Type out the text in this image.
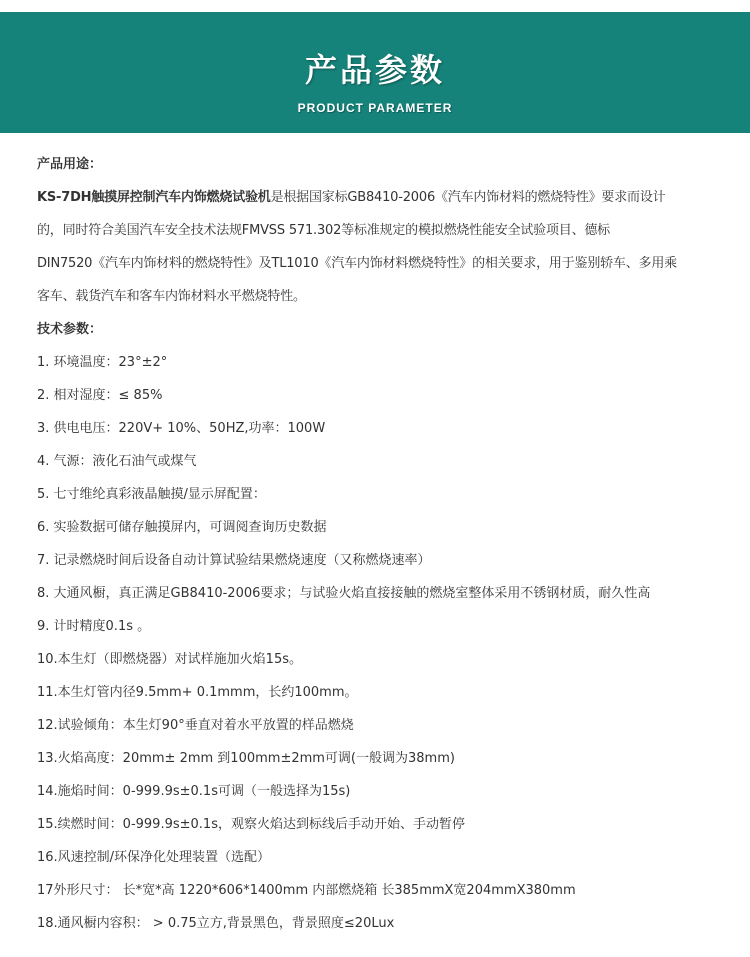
产品参数
PRODUCT PARAMETER
产品用途：
KS-7DH触摸屏控制汽车内饰燃烧试验机是根据国家标GB8410-2006《汽车内饰材料的燃烧特性》要求而设计
的，同时符合美国汽车安全技术法规FMVSS 571.302等标准规定的模拟燃烧性能安全试验项目、德标
DIN7520《汽车内饰材料的燃烧特性》及TL1010《汽车内饰材料燃烧特性》的相关要求，用于鉴别轿车、多用乘
客车、载货汽车和客车内饰材料水平燃烧特性。
技术参数：
1. 环境温度：23°±2°
2. 相对湿度：≤ 85%
3. 供电电压：220V+ 10%、50HZ,功率：100W
4. 气源：液化石油气或煤气
5. 七寸维纶真彩液晶触摸/显示屏配置：
6. 实验数据可储存触摸屏内，可调阅查询历史数据
7. 记录燃烧时间后设备自动计算试验结果燃烧速度（又称燃烧速率）
8. 大通风橱，真正满足GB8410-2006要求；与试验火焰直接接触的燃烧室整体采用不锈钢材质，耐久性高
9. 计时精度0.1s 。
10.本生灯（即燃烧器）对试样施加火焰15s。
11.本生灯管内径9.5mm+ 0.1mmm，长约100mm。
12.试验倾角：本生灯90°垂直对着水平放置的样品燃烧
13.火焰高度：20mm± 2mm 到100mm±2mm可调(一般调为38mm)
14.施焰时间：0-999.9s±0.1s可调（一般选择为15s)
15.续燃时间：0-999.9s±0.1s，观察火焰达到标线后手动开始、手动暂停
16.风速控制/环保净化处理装置（选配）
17外形尺寸： 长*宽*高 1220*606*1400mm 内部燃烧箱 长385mmX宽204mmX380mm
18.通风橱内容积： > 0.75立方,背景黑色，背景照度≤20Lux
